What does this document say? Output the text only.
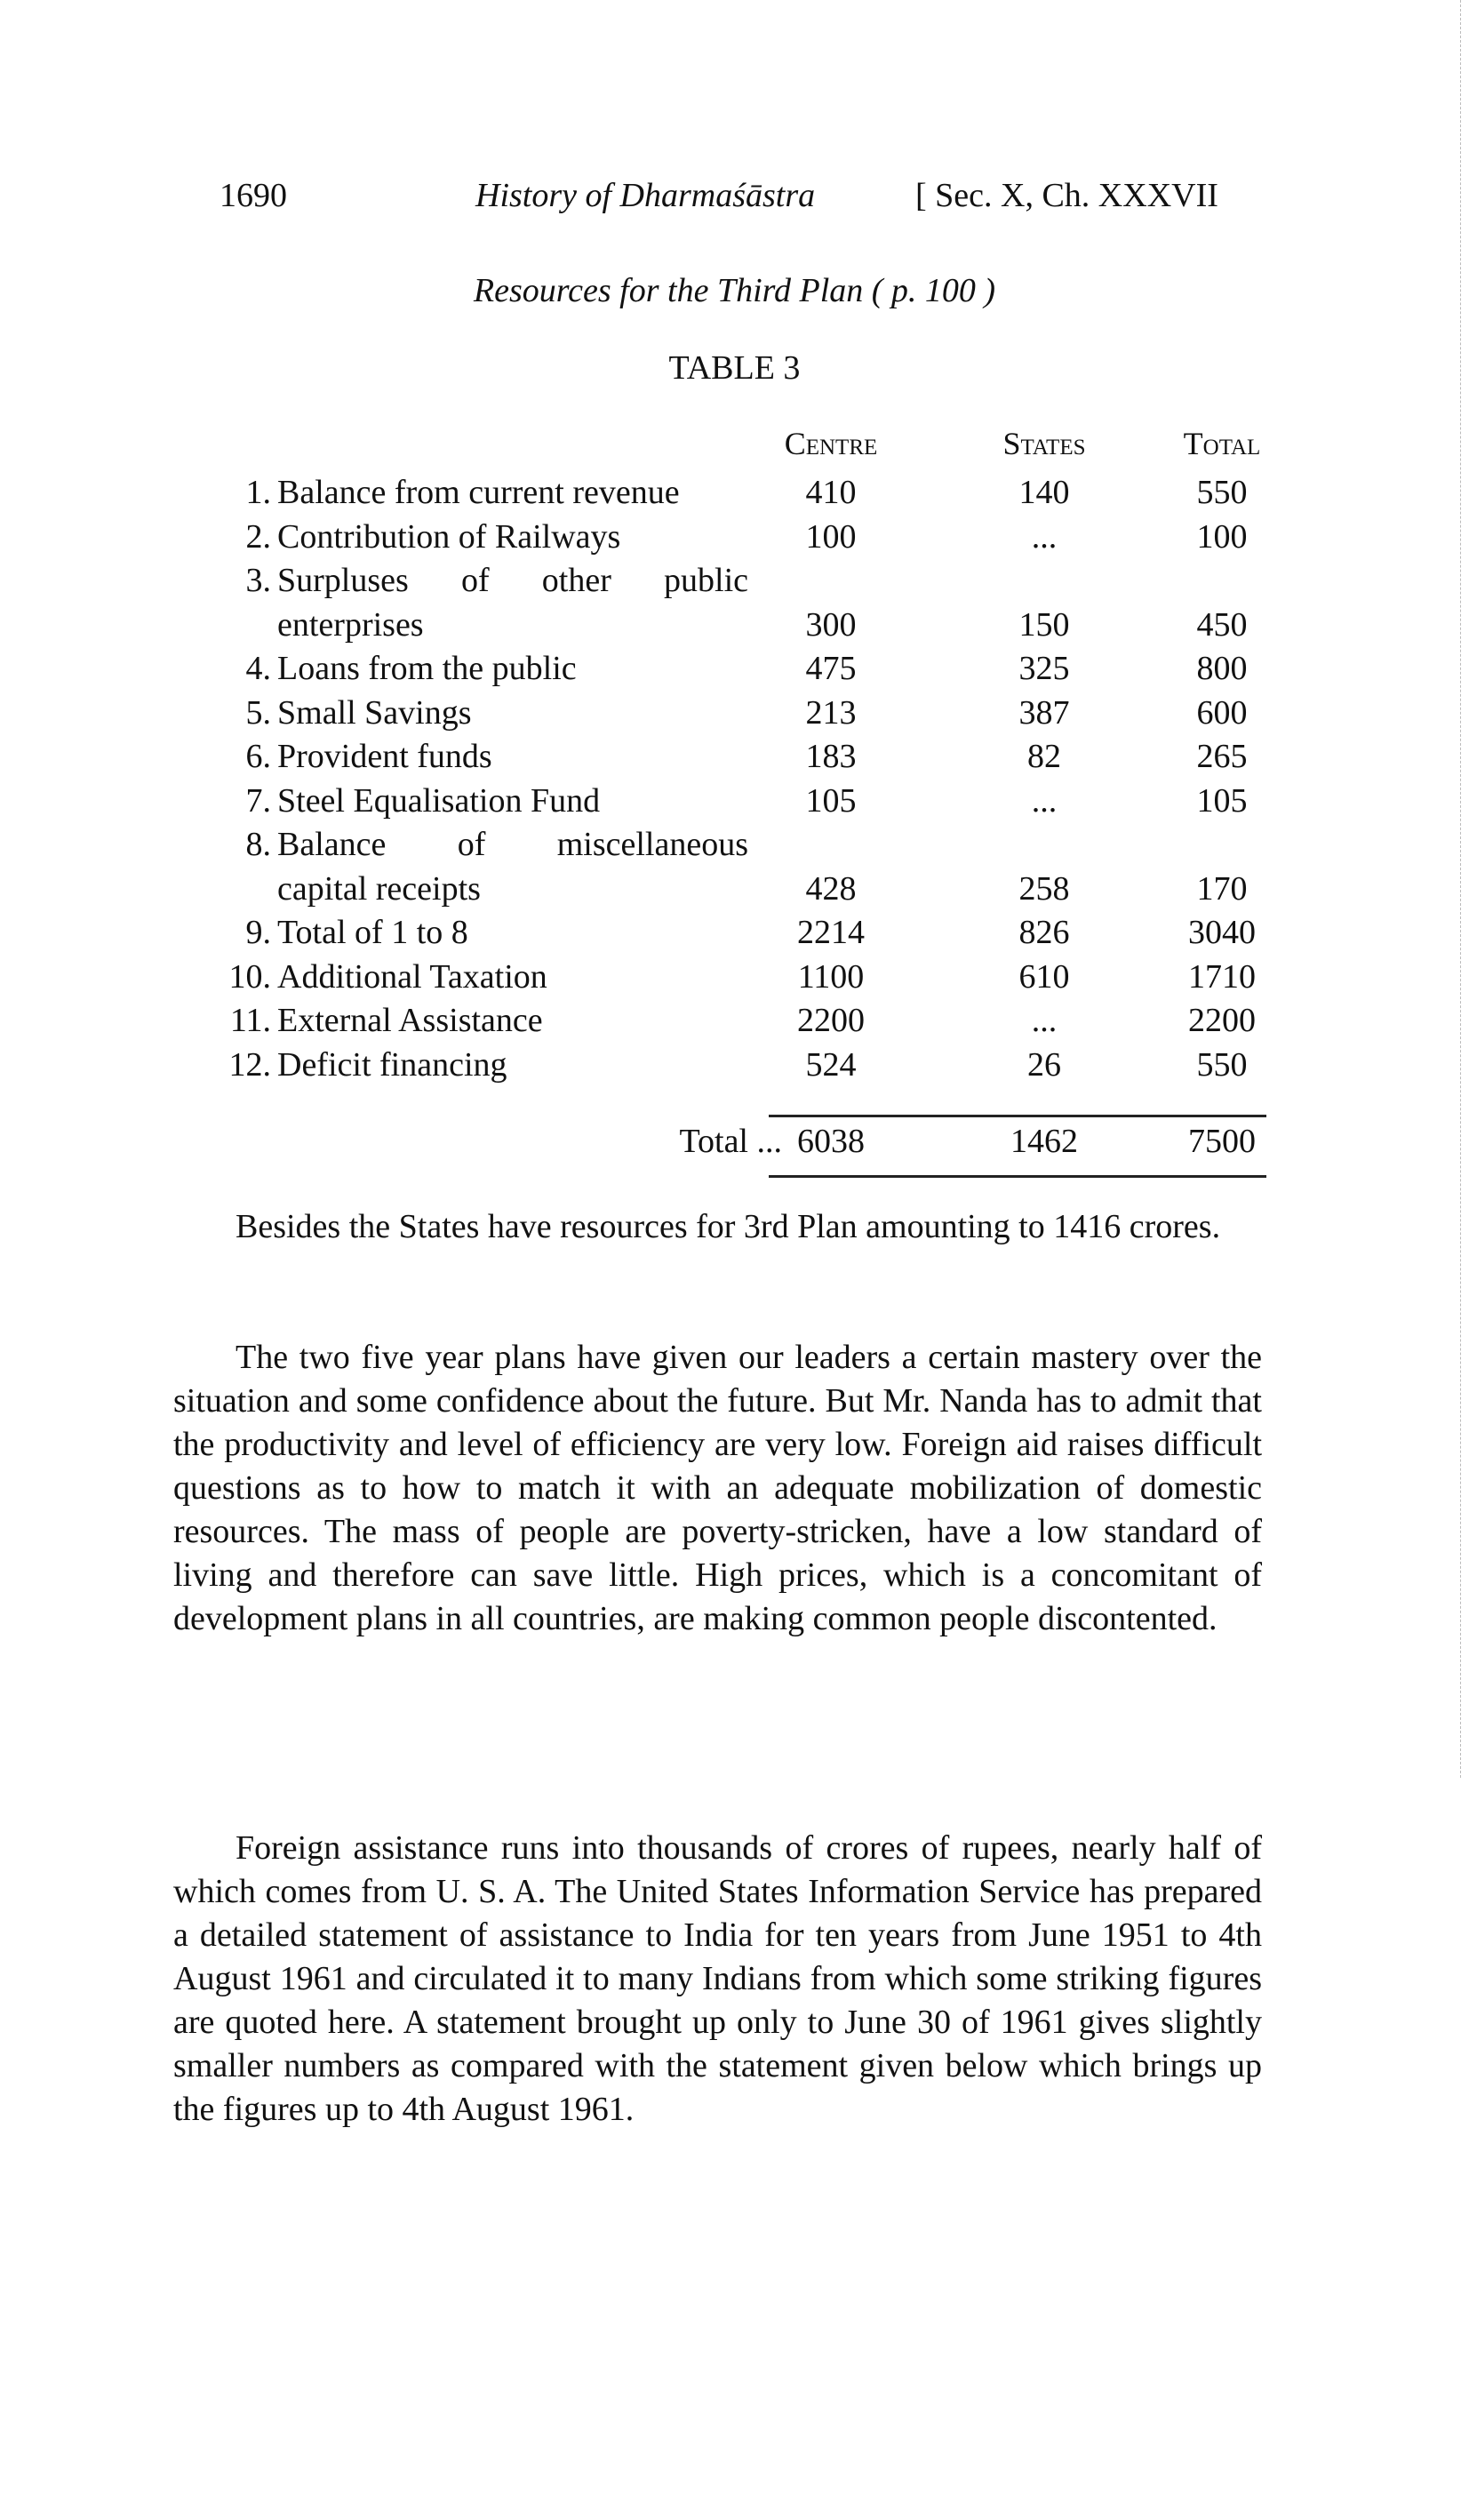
1690	History of Dharmaśāstra	[ Sec. X, Ch. XXXVII
Resources for the Third Plan ( p. 100 )
TABLE 3
Centre	States	Total
1. Balance from current revenue	410	140	550
2. Contribution of Railways	100	...	100
3. Surpluses of other public
enterprises	300	150	450
4. Loans from the public	475	325	800
5. Small Savings	213	387	600
6. Provident funds	183	82	265
7. Steel Equalisation Fund	105	...	105
8. Balance of miscellaneous
capital receipts	428	258	170
9. Total of 1 to 8	2214	826	3040
10. Additional Taxation	1100	610	1710
11. External Assistance	2200	...	2200
12. Deficit financing	524	26	550
Total ... 6038	1462	7500
Besides the States have resources for 3rd Plan amounting to 1416 crores.
The two five year plans have given our leaders a certain mastery over the situation and some confidence about the future. But Mr. Nanda has to admit that the productivity and level of efficiency are very low. Foreign aid raises difficult questions as to how to match it with an adequate mobilization of domestic resources. The mass of people are poverty-stricken, have a low standard of living and therefore can save little. High prices, which is a concomitant of development plans in all countries, are making common people discontented.
Foreign assistance runs into thousands of crores of rupees, nearly half of which comes from U. S. A. The United States Information Service has prepared a detailed statement of assistance to India for ten years from June 1951 to 4th August 1961 and circulated it to many Indians from which some striking figures are quoted here. A statement brought up only to June 30 of 1961 gives slightly smaller numbers as compared with the statement given below which brings up the figures up to 4th August 1961.
